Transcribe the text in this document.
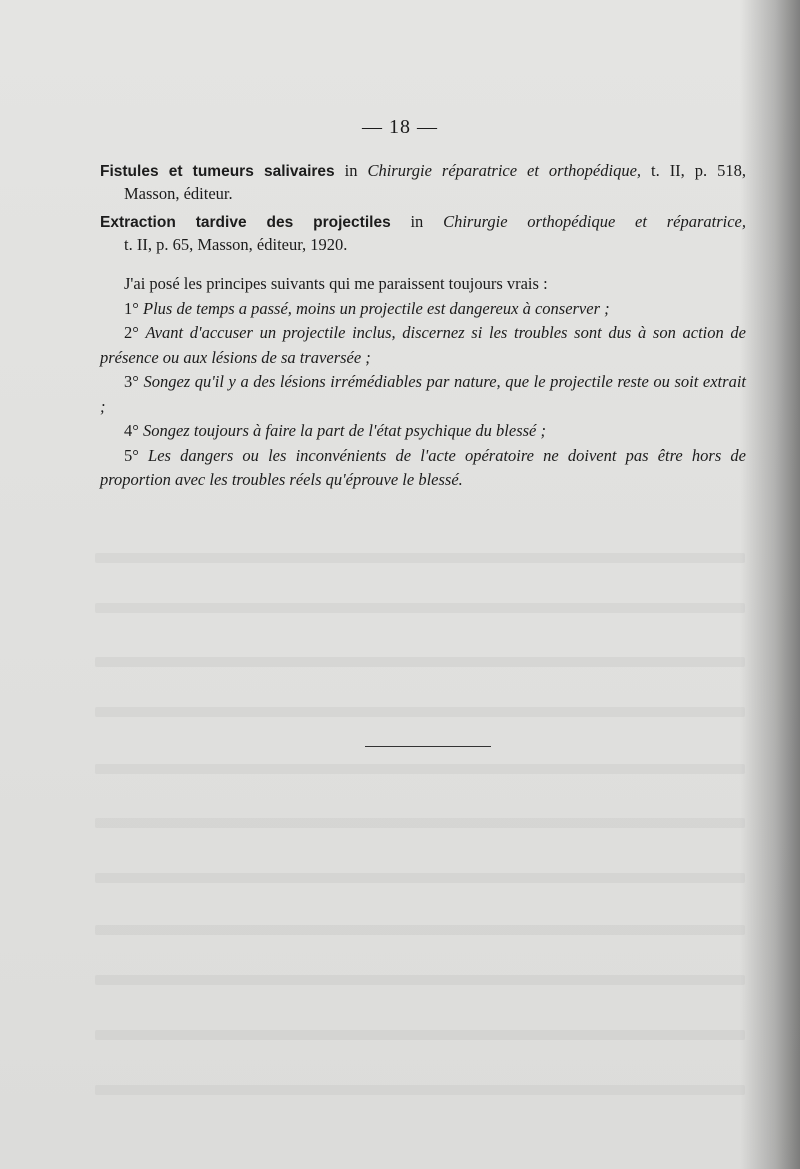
— 18 —
Fistules et tumeurs salivaires in Chirurgie réparatrice et orthopédique, t. II, p. 518,
Masson, éditeur.
Extraction tardive des projectiles in Chirurgie orthopédique et réparatrice,
t. II, p. 65, Masson, éditeur, 1920.

J'ai posé les principes suivants qui me paraissent toujours vrais :

1° Plus de temps a passé, moins un projectile est dangereux à conserver ;

2° Avant d'accuser un projectile inclus, discernez si les troubles sont dus à son action de présence ou aux lésions de sa traversée ;

3° Songez qu'il y a des lésions irrémédiables par nature, que le projectile reste ou soit extrait ;

4° Songez toujours à faire la part de l'état psychique du blessé ;

5° Les dangers ou les inconvénients de l'acte opératoire ne doivent pas être hors de proportion avec les troubles réels qu'éprouve le blessé.
